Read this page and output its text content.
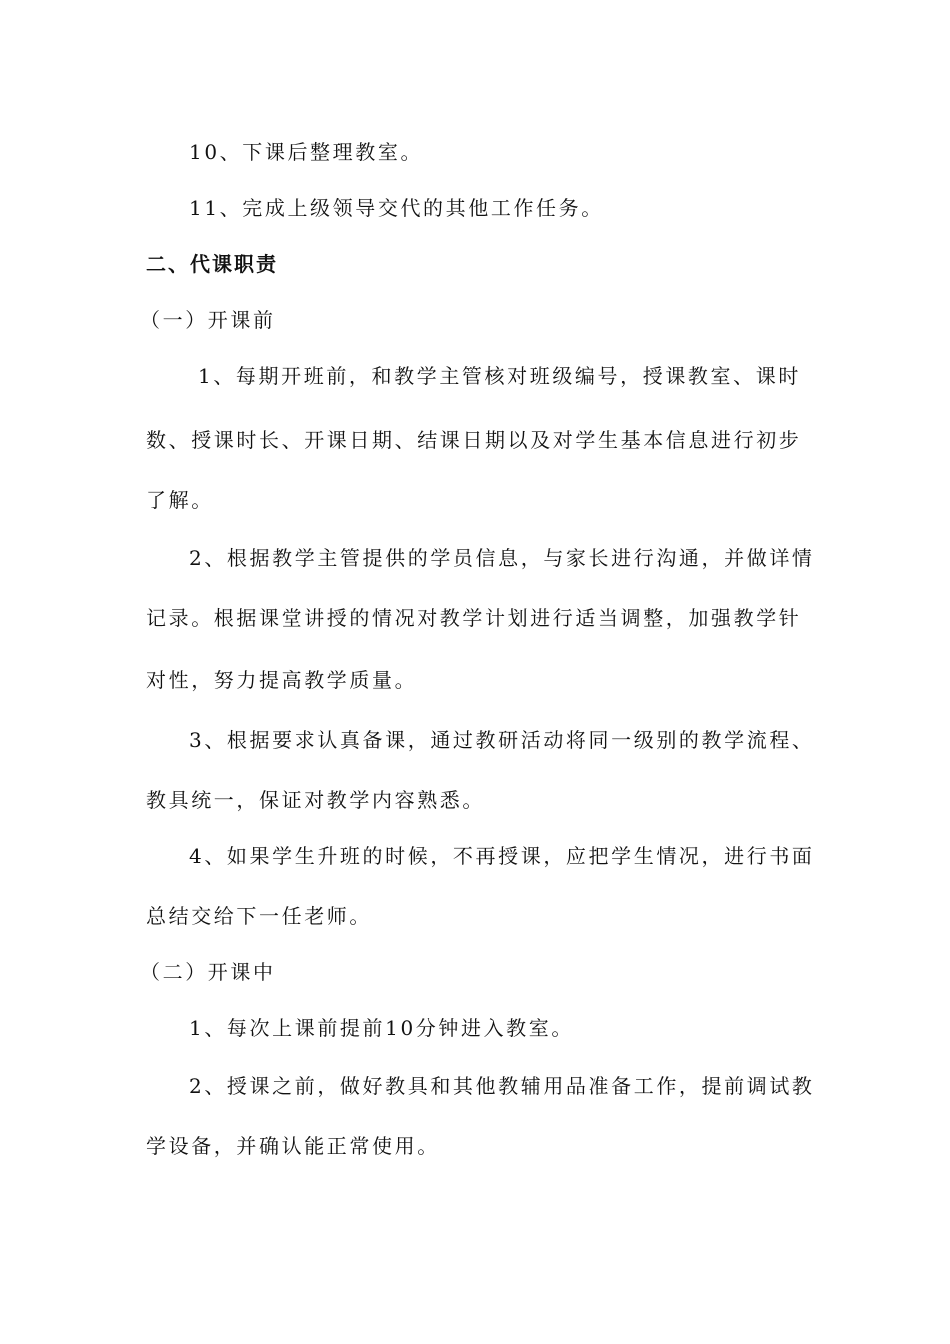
10、下课后整理教室。
11、完成上级领导交代的其他工作任务。
二、代课职责
（一）开课前
1、每期开班前，和教学主管核对班级编号，授课教室、课时
数、授课时长、开课日期、结课日期以及对学生基本信息进行初步
了解。
2、根据教学主管提供的学员信息，与家长进行沟通，并做详情
记录。根据课堂讲授的情况对教学计划进行适当调整，加强教学针
对性，努力提高教学质量。
3、根据要求认真备课，通过教研活动将同一级别的教学流程、
教具统一，保证对教学内容熟悉。
4、如果学生升班的时候，不再授课，应把学生情况，进行书面
总结交给下一任老师。
（二）开课中
1、每次上课前提前10分钟进入教室。
2、授课之前，做好教具和其他教辅用品准备工作，提前调试教
学设备，并确认能正常使用。
